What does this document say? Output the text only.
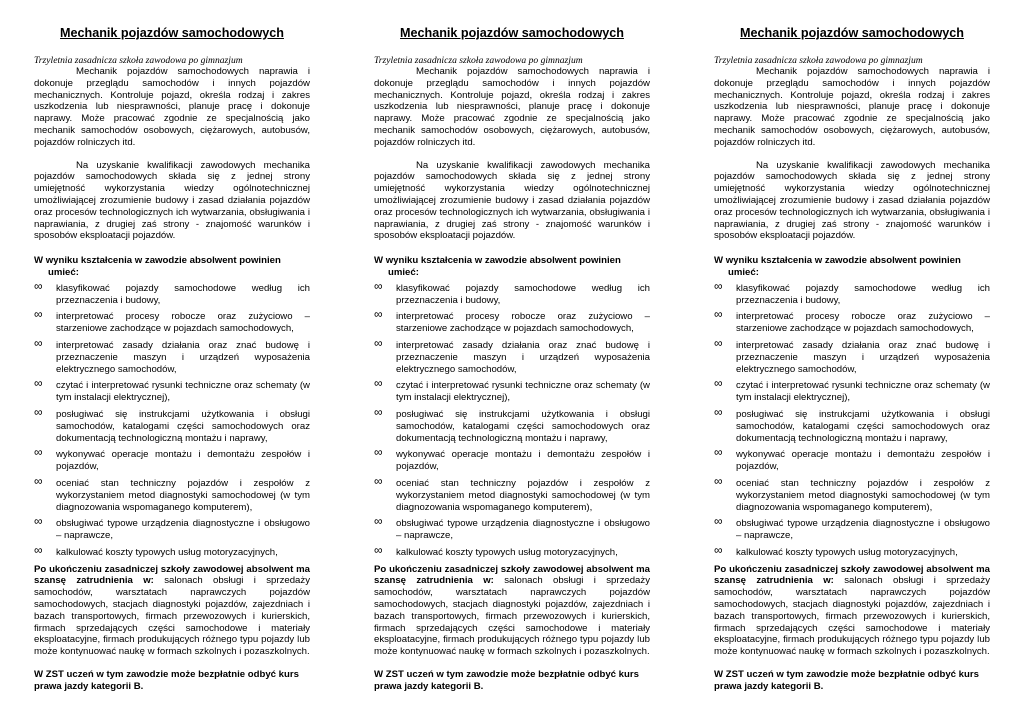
Mechanik pojazdów samochodowych
Trzyletnia zasadnicza szkoła zawodowa po gimnazjum
Mechanik pojazdów samochodowych naprawia i dokonuje przeglądu samochodów i innych pojazdów mechanicznych. Kontroluje pojazd, określa rodzaj i zakres uszkodzenia lub niesprawności, planuje pracę i dokonuje naprawy. Może pracować zgodnie ze specjalnością jako mechanik samochodów osobowych, ciężarowych, autobusów, pojazdów rolniczych itd.
Na uzyskanie kwalifikacji zawodowych mechanika pojazdów samochodowych składa się z jednej strony umiejętność wykorzystania wiedzy ogólnotechnicznej umożliwiającej zrozumienie budowy i zasad działania pojazdów oraz procesów technologicznych ich wytwarzania, obsługiwania i naprawiania, z drugiej zaś strony - znajomość warunków i sposobów eksploatacji pojazdów.
W wyniku kształcenia w zawodzie absolwent powinien umieć:
∞ klasyfikować pojazdy samochodowe według ich przeznaczenia i budowy,
∞ interpretować procesy robocze oraz zużyciowo – starzeniowe zachodzące w pojazdach samochodowych,
∞ interpretować zasady działania oraz znać budowę i przeznaczenie maszyn i urządzeń wyposażenia elektrycznego samochodów,
∞ czytać i interpretować rysunki techniczne oraz schematy (w tym instalacji elektrycznej),
∞ posługiwać się instrukcjami użytkowania i obsługi samochodów, katalogami części samochodowych oraz dokumentacją technologiczną montażu i naprawy,
∞ wykonywać operacje montażu i demontażu zespołów i pojazdów,
∞ oceniać stan techniczny pojazdów i zespołów z wykorzystaniem metod diagnostyki samochodowej (w tym diagnozowania wspomaganego komputerem),
∞ obsługiwać typowe urządzenia diagnostyczne i obsługowo – naprawcze,
∞ kalkulować koszty typowych usług motoryzacyjnych,
Po ukończeniu zasadniczej szkoły zawodowej absolwent ma szansę zatrudnienia w: salonach obsługi i sprzedaży samochodów, warsztatach naprawczych pojazdów samochodowych, stacjach diagnostyki pojazdów, zajezdniach i bazach transportowych, firmach przewozowych i kurierskich, firmach sprzedających części samochodowe i materiały eksploatacyjne, firmach produkujących różnego typu pojazdy lub może kontynuować naukę w formach szkolnych i pozaszkolnych.
W ZST uczeń w tym zawodzie może bezpłatnie odbyć kurs prawa jazdy kategorii B.
Mechanik pojazdów samochodowych
Trzyletnia zasadnicza szkoła zawodowa po gimnazjum
Mechanik pojazdów samochodowych naprawia i dokonuje przeglądu samochodów i innych pojazdów mechanicznych. Kontroluje pojazd, określa rodzaj i zakres uszkodzenia lub niesprawności, planuje pracę i dokonuje naprawy. Może pracować zgodnie ze specjalnością jako mechanik samochodów osobowych, ciężarowych, autobusów, pojazdów rolniczych itd.
Na uzyskanie kwalifikacji zawodowych mechanika pojazdów samochodowych składa się z jednej strony umiejętność wykorzystania wiedzy ogólnotechnicznej umożliwiającej zrozumienie budowy i zasad działania pojazdów oraz procesów technologicznych ich wytwarzania, obsługiwania i naprawiania, z drugiej zaś strony - znajomość warunków i sposobów eksploatacji pojazdów.
W wyniku kształcenia w zawodzie absolwent powinien umieć:
∞ klasyfikować pojazdy samochodowe według ich przeznaczenia i budowy,
∞ interpretować procesy robocze oraz zużyciowo – starzeniowe zachodzące w pojazdach samochodowych,
∞ interpretować zasady działania oraz znać budowę i przeznaczenie maszyn i urządzeń wyposażenia elektrycznego samochodów,
∞ czytać i interpretować rysunki techniczne oraz schematy (w tym instalacji elektrycznej),
∞ posługiwać się instrukcjami użytkowania i obsługi samochodów, katalogami części samochodowych oraz dokumentacją technologiczną montażu i naprawy,
∞ wykonywać operacje montażu i demontażu zespołów i pojazdów,
∞ oceniać stan techniczny pojazdów i zespołów z wykorzystaniem metod diagnostyki samochodowej (w tym diagnozowania wspomaganego komputerem),
∞ obsługiwać typowe urządzenia diagnostyczne i obsługowo – naprawcze,
∞ kalkulować koszty typowych usług motoryzacyjnych,
Po ukończeniu zasadniczej szkoły zawodowej absolwent ma szansę zatrudnienia w: salonach obsługi i sprzedaży samochodów, warsztatach naprawczych pojazdów samochodowych, stacjach diagnostyki pojazdów, zajezdniach i bazach transportowych, firmach przewozowych i kurierskich, firmach sprzedających części samochodowe i materiały eksploatacyjne, firmach produkujących różnego typu pojazdy lub może kontynuować naukę w formach szkolnych i pozaszkolnych.
W ZST uczeń w tym zawodzie może bezpłatnie odbyć kurs prawa jazdy kategorii B.
Mechanik pojazdów samochodowych
Trzyletnia zasadnicza szkoła zawodowa po gimnazjum
Mechanik pojazdów samochodowych naprawia i dokonuje przeglądu samochodów i innych pojazdów mechanicznych. Kontroluje pojazd, określa rodzaj i zakres uszkodzenia lub niesprawności, planuje pracę i dokonuje naprawy. Może pracować zgodnie ze specjalnością jako mechanik samochodów osobowych, ciężarowych, autobusów, pojazdów rolniczych itd.
Na uzyskanie kwalifikacji zawodowych mechanika pojazdów samochodowych składa się z jednej strony umiejętność wykorzystania wiedzy ogólnotechnicznej umożliwiającej zrozumienie budowy i zasad działania pojazdów oraz procesów technologicznych ich wytwarzania, obsługiwania i naprawiania, z drugiej zaś strony - znajomość warunków i sposobów eksploatacji pojazdów.
W wyniku kształcenia w zawodzie absolwent powinien umieć:
∞ klasyfikować pojazdy samochodowe według ich przeznaczenia i budowy,
∞ interpretować procesy robocze oraz zużyciowo – starzeniowe zachodzące w pojazdach samochodowych,
∞ interpretować zasady działania oraz znać budowę i przeznaczenie maszyn i urządzeń wyposażenia elektrycznego samochodów,
∞ czytać i interpretować rysunki techniczne oraz schematy (w tym instalacji elektrycznej),
∞ posługiwać się instrukcjami użytkowania i obsługi samochodów, katalogami części samochodowych oraz dokumentacją technologiczną montażu i naprawy,
∞ wykonywać operacje montażu i demontażu zespołów i pojazdów,
∞ oceniać stan techniczny pojazdów i zespołów z wykorzystaniem metod diagnostyki samochodowej (w tym diagnozowania wspomaganego komputerem),
∞ obsługiwać typowe urządzenia diagnostyczne i obsługowo – naprawcze,
∞ kalkulować koszty typowych usług motoryzacyjnych,
Po ukończeniu zasadniczej szkoły zawodowej absolwent ma szansę zatrudnienia w: salonach obsługi i sprzedaży samochodów, warsztatach naprawczych pojazdów samochodowych, stacjach diagnostyki pojazdów, zajezdniach i bazach transportowych, firmach przewozowych i kurierskich, firmach sprzedających części samochodowe i materiały eksploatacyjne, firmach produkujących różnego typu pojazdy lub może kontynuować naukę w formach szkolnych i pozaszkolnych.
W ZST uczeń w tym zawodzie może bezpłatnie odbyć kurs prawa jazdy kategorii B.
